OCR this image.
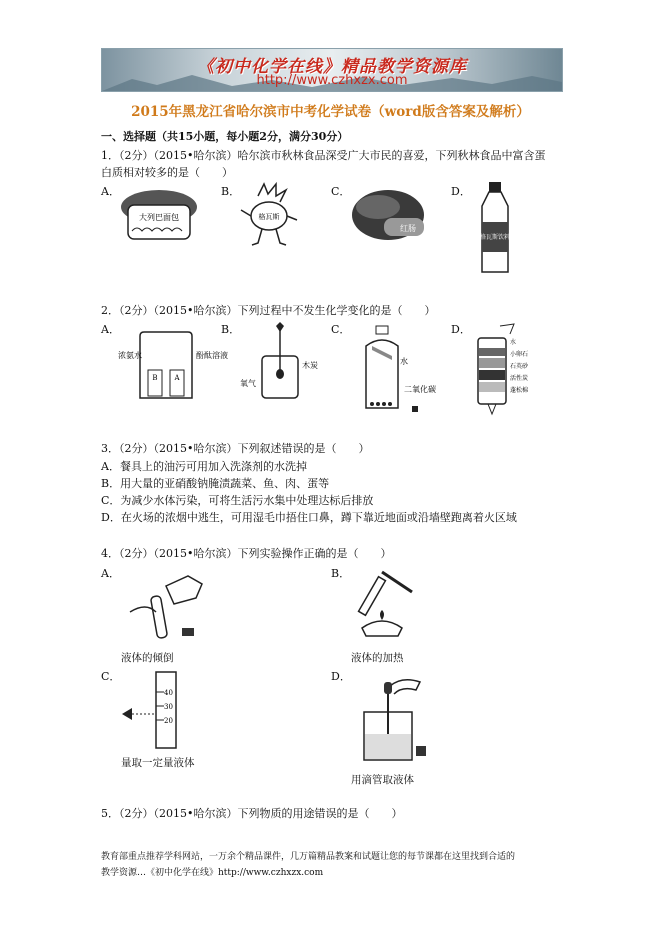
《初中化学在线》精品教学资源库
http://www.czhxzx.com
2015年黑龙江省哈尔滨市中考化学试卷（word版含答案及解析）
一、选择题（共15小题，每小题2分，满分30分）
1．（2分）（2015•哈尔滨）哈尔滨市秋林食品深受广大市民的喜爱，下列秋林食品中富含蛋
白质相对较多的是（　　）
A．	B．	C．	D．
大列巴面包	格瓦斯
红肠
格瓦斯饮料
2．（2分）（2015•哈尔滨）下列过程中不发生化学变化的是（　　）
A．	B．	C．	D．
B A
浓氨水	酚酞溶液
氧气
木炭	水
二氧化碳
水
小卵石
石英砂
活性炭
蓬松棉
3．（2分）（2015•哈尔滨）下列叙述错误的是（　　）
A．餐具上的油污可用加入洗涤剂的水洗掉
B．用大量的亚硝酸钠腌渍蔬菜、鱼、肉、蛋等
C．为减少水体污染，可将生活污水集中处理达标后排放
D．在火场的浓烟中逃生，可用湿毛巾捂住口鼻，蹲下靠近地面或沿墙壁跑离着火区域
4．（2分）（2015•哈尔滨）下列实验操作正确的是（　　）
A．	B．
C．	D．
液体的倾倒	液体的加热
40
30
20
量取一定量液体
用滴管取液体
5．（2分）（2015•哈尔滨）下列物质的用途错误的是（　　）
教育部重点推荐学科网站，一万余个精品课件，几万篇精品教案和试题让您的每节课都在这里找到合适的
教学资源…《初中化学在线》http://www.czhxzx.com
